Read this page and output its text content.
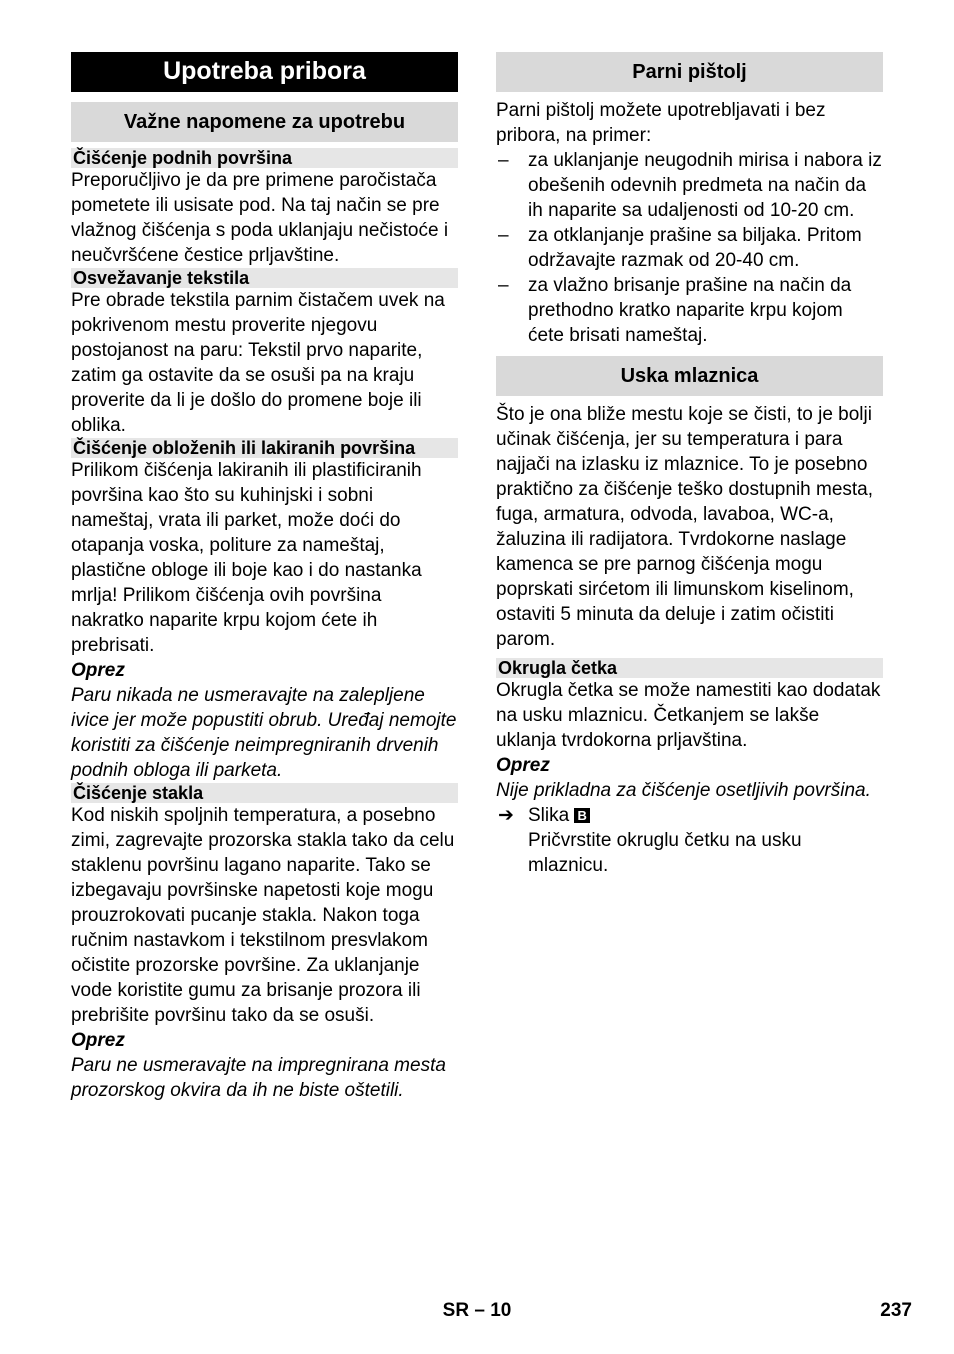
Upotreba pribora
Važne napomene za upotrebu
Čišćenje podnih površina

Preporučljivo je da pre primene paročistača pometete ili usisate pod. Na taj način se pre vlažnog čišćenja s poda uklanjaju nečistoće i neučvršćene čestice prljavštine.

Osvežavanje tekstila

Pre obrade tekstila parnim čistačem uvek na pokrivenom mestu proverite njegovu postojanost na paru: Tekstil prvo naparite, zatim ga ostavite da se osuši pa na kraju proverite da li je došlo do promene boje ili oblika.

Čišćenje obloženih ili lakiranih površina

Prilikom čišćenja lakiranih ili plastificiranih površina kao što su kuhinjski i sobni nameštaj, vrata ili parket, može doći do otapanja voska, politure za nameštaj, plastične obloge ili boje kao i do nastanka mrlja! Prilikom čišćenja ovih površina nakratko naparite krpu kojom ćete ih prebrisati.

Oprez

Paru nikada ne usmeravajte na zalepljene ivice jer može popustiti obrub. Uređaj nemojte koristiti za čišćenje neimpregniranih drvenih podnih obloga ili parketa.

Čišćenje stakla

Kod niskih spoljnih temperatura, a posebno zimi, zagrevajte prozorska stakla tako da celu staklenu površinu lagano naparite. Tako se izbegavaju površinske napetosti koje mogu prouzrokovati pucanje stakla. Nakon toga ručnim nastavkom i tekstilnom presvlakom očistite prozorske površine. Za uklanjanje vode koristite gumu za brisanje prozora ili prebrišite površinu tako da se osuši.

Oprez

Paru ne usmeravajte na impregnirana mesta prozorskog okvira da ih ne biste oštetili.

Parni pištolj

Parni pištolj možete upotrebljavati i bez pribora, na primer:

– za uklanjanje neugodnih mirisa i nabora iz obešenih odevnih predmeta na način da ih naparite sa udaljenosti od 10-20 cm.
– za otklanjanje prašine sa biljaka. Pritom održavajte razmak od 20-40 cm.
– za vlažno brisanje prašine na način da prethodno kratko naparite krpu kojom ćete brisati nameštaj.
Uska mlaznica

Što je ona bliže mestu koje se čisti, to je bolji učinak čišćenja, jer su temperatura i para najjači na izlasku iz mlaznice. To je posebno praktično za čišćenje teško dostupnih mesta, fuga, armatura, odvoda, lavaboa, WC-a, žaluzina ili radijatora. Tvrdokorne naslage kamenca se pre parnog čišćenja mogu poprskati sirćetom ili limunskom kiselinom, ostaviti 5 minuta da deluje i zatim očistiti parom.

Okrugla četka

Okrugla četka se može namestiti kao dodatak na usku mlaznicu. Četkanjem se lakše uklanja tvrdokorna prljavština.

Oprez

Nije prikladna za čišćenje osetljivih površina.

➔ Slika B
Pričvrstite okruglu četku na usku mlaznicu.
SR – 10	237
